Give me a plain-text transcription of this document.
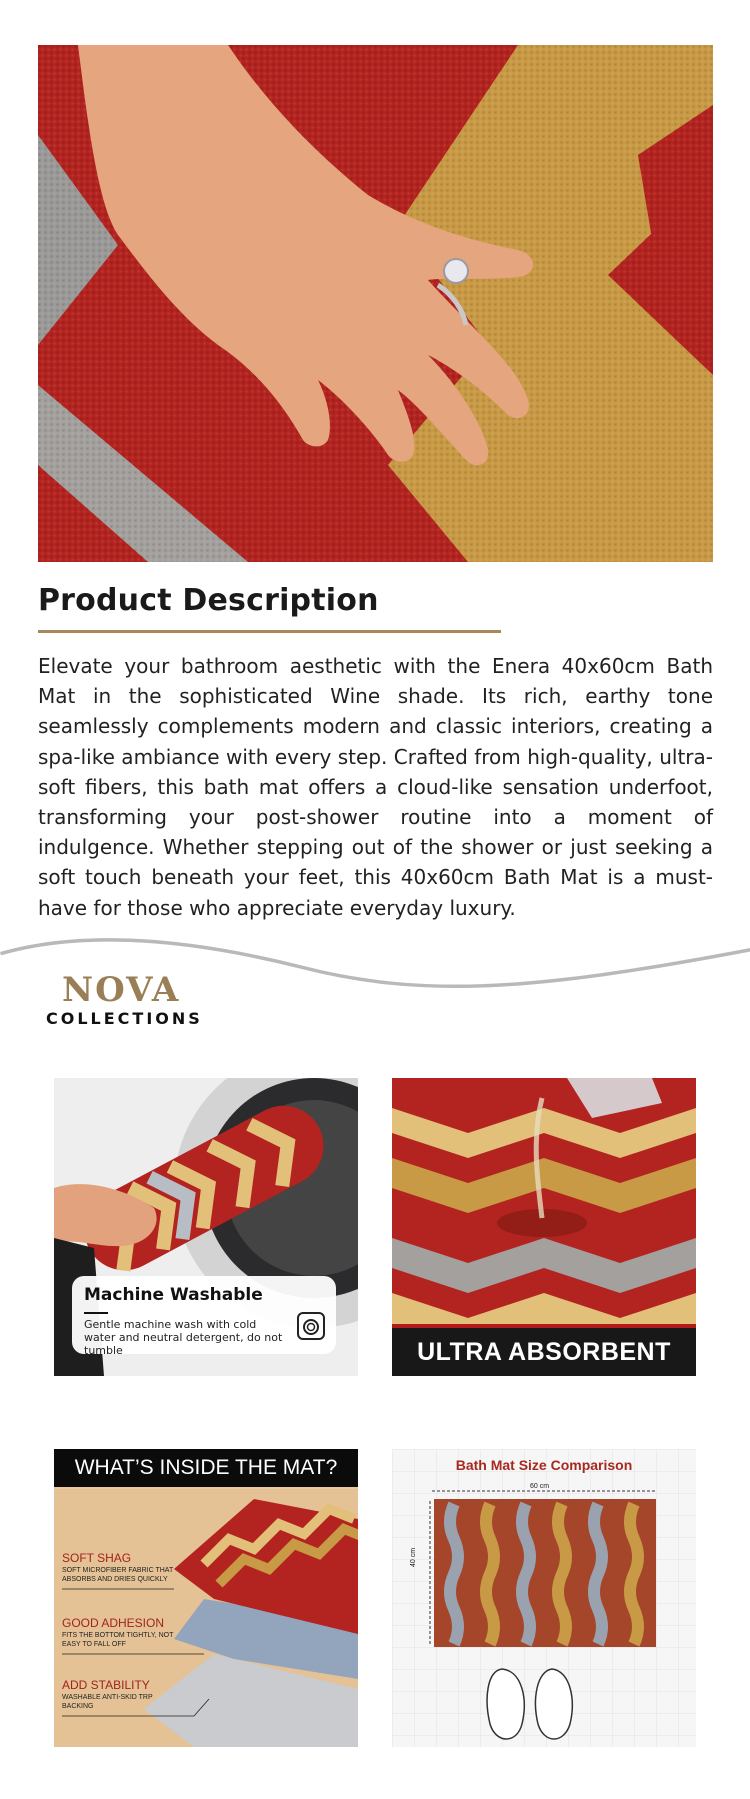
Product Description
Elevate your bathroom aesthetic with the Enera 40x60cm Bath Mat in the sophisticated Wine shade. Its rich, earthy tone seamlessly complements modern and classic interiors, creating a spa-like ambiance with every step. Crafted from high-quality, ultra-soft fibers, this bath mat offers a cloud-like sensation underfoot, transforming your post-shower routine into a moment of indulgence. Whether stepping out of the shower or just seeking a soft touch beneath your feet, this 40x60cm Bath Mat is a must-have for those who appreciate everyday luxury.
NOVA
COLLECTIONS
Machine Washable
Gentle machine wash with cold water and neutral detergent, do not tumble	ULTRA ABSORBENT
WHAT’S INSIDE THE MAT?
SOFT SHAG
SOFT MICROFIBER FABRIC THAT ABSORBS AND DRIES QUICKLY
GOOD ADHESION
FITS THE BOTTOM TIGHTLY, NOT EASY TO FALL OFF
ADD STABILITY
WASHABLE ANTI-SKID TRP BACKING
Bath Mat Size Comparison
60 cm
40 cm
